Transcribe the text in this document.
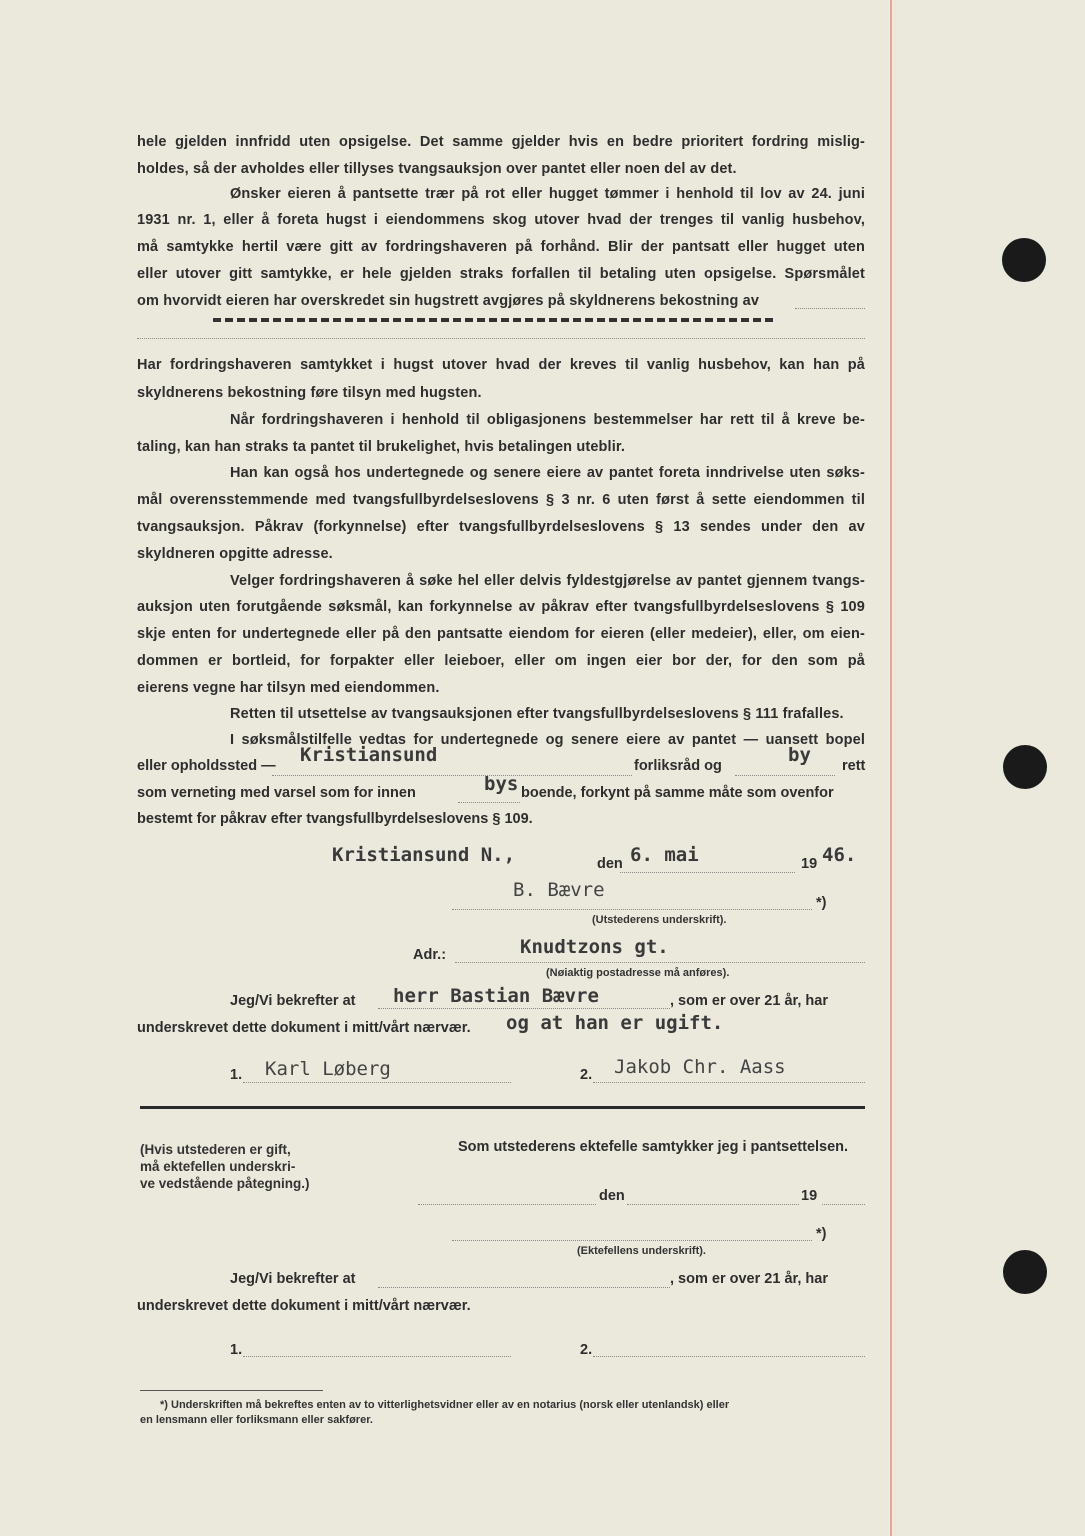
hele gjelden innfridd uten opsigelse. Det samme gjelder hvis en bedre prioritert fordring mislig-
holdes, så der avholdes eller tillyses tvangsauksjon over pantet eller noen del av det.
Ønsker eieren å pantsette trær på rot eller hugget tømmer i henhold til lov av 24. juni
1931 nr. 1, eller å foreta hugst i eiendommens skog utover hvad der trenges til vanlig husbehov,
må samtykke hertil være gitt av fordringshaveren på forhånd. Blir der pantsatt eller hugget uten
eller utover gitt samtykke, er hele gjelden straks forfallen til betaling uten opsigelse. Spørsmålet
om hvorvidt eieren har overskredet sin hugstrett avgjøres på skyldnerens bekostning av
Har fordringshaveren samtykket i hugst utover hvad der kreves til vanlig husbehov, kan han på
skyldnerens bekostning føre tilsyn med hugsten.
Når fordringshaveren i henhold til obligasjonens bestemmelser har rett til å kreve be-
taling, kan han straks ta pantet til brukelighet, hvis betalingen uteblir.
Han kan også hos undertegnede og senere eiere av pantet foreta inndrivelse uten søks-
mål overensstemmende med tvangsfullbyrdelseslovens § 3 nr. 6 uten først å sette eiendommen til
tvangsauksjon. Påkrav (forkynnelse) efter tvangsfullbyrdelseslovens § 13 sendes under den av
skyldneren opgitte adresse.
Velger fordringshaveren å søke hel eller delvis fyldestgjørelse av pantet gjennem tvangs-
auksjon uten forutgående søksmål, kan forkynnelse av påkrav efter tvangsfullbyrdelseslovens § 109
skje enten for undertegnede eller på den pantsatte eiendom for eieren (eller medeier), eller, om eien-
dommen er bortleid, for forpakter eller leieboer, eller om ingen eier bor der, for den som på
eierens vegne har tilsyn med eiendommen.
Retten til utsettelse av tvangsauksjonen efter tvangsfullbyrdelseslovens § 111 frafalles.
I søksmålstilfelle vedtas for undertegnede og senere eiere av pantet — uansett bopel
eller opholdssted — Kristiansund	forliksråd og	by rett
som verneting med varsel som for innen	bys boende, forkynt på samme måte som ovenfor
bestemt for påkrav efter tvangsfullbyrdelseslovens § 109.
Kristiansund N.,	den 6. mai	19 46.
B. Bævre
*)
(Utstederens underskrift).
Adr.:	Knudtzons gt.
(Nøiaktig postadresse må anføres).
Jeg/Vi bekrefter at herr Bastian Bævre	, som er over 21 år, har
underskrevet dette dokument i mitt/vårt nærvær. og at han er ugift.
1. Karl Løberg	2. Jakob Chr. Aass
(Hvis utstederen er gift,
må ektefellen underskri-
ve vedstående påtegning.)
Som utstederens ektefelle samtykker jeg i pantsettelsen.
den	19
*)
(Ektefellens underskrift).
Jeg/Vi bekrefter at	, som er over 21 år, har
underskrevet dette dokument i mitt/vårt nærvær.
1.	2.
*) Underskriften må bekreftes enten av to vitterlighetsvidner eller av en notarius (norsk eller utenlandsk) eller
en lensmann eller forliksmann eller sakfører.
